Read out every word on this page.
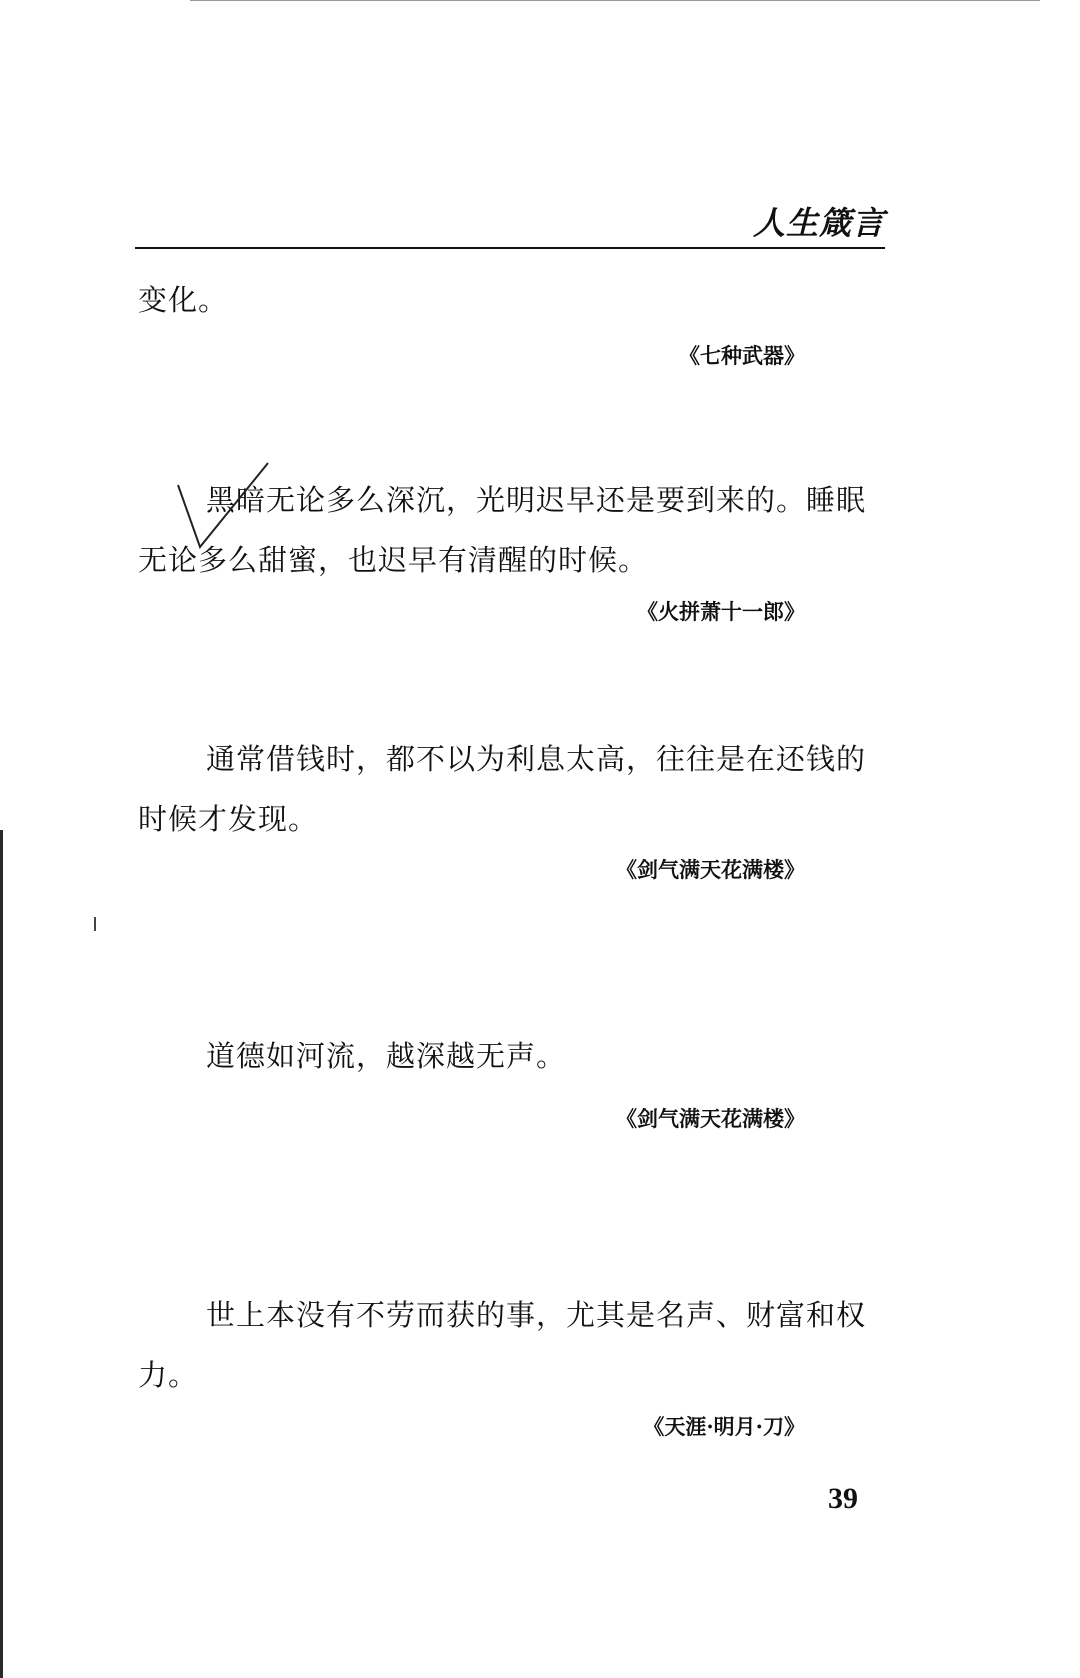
人生箴言
变化。
《七种武器》
黑暗无论多么深沉，光明迟早还是要到来的。睡眠无论多么甜蜜，也迟早有清醒的时候。
《火拼萧十一郎》
通常借钱时，都不以为利息太高，往往是在还钱的时候才发现。
《剑气满天花满楼》
道德如河流，越深越无声。
《剑气满天花满楼》
世上本没有不劳而获的事，尤其是名声、财富和权力。
《天涯·明月·刀》
39
